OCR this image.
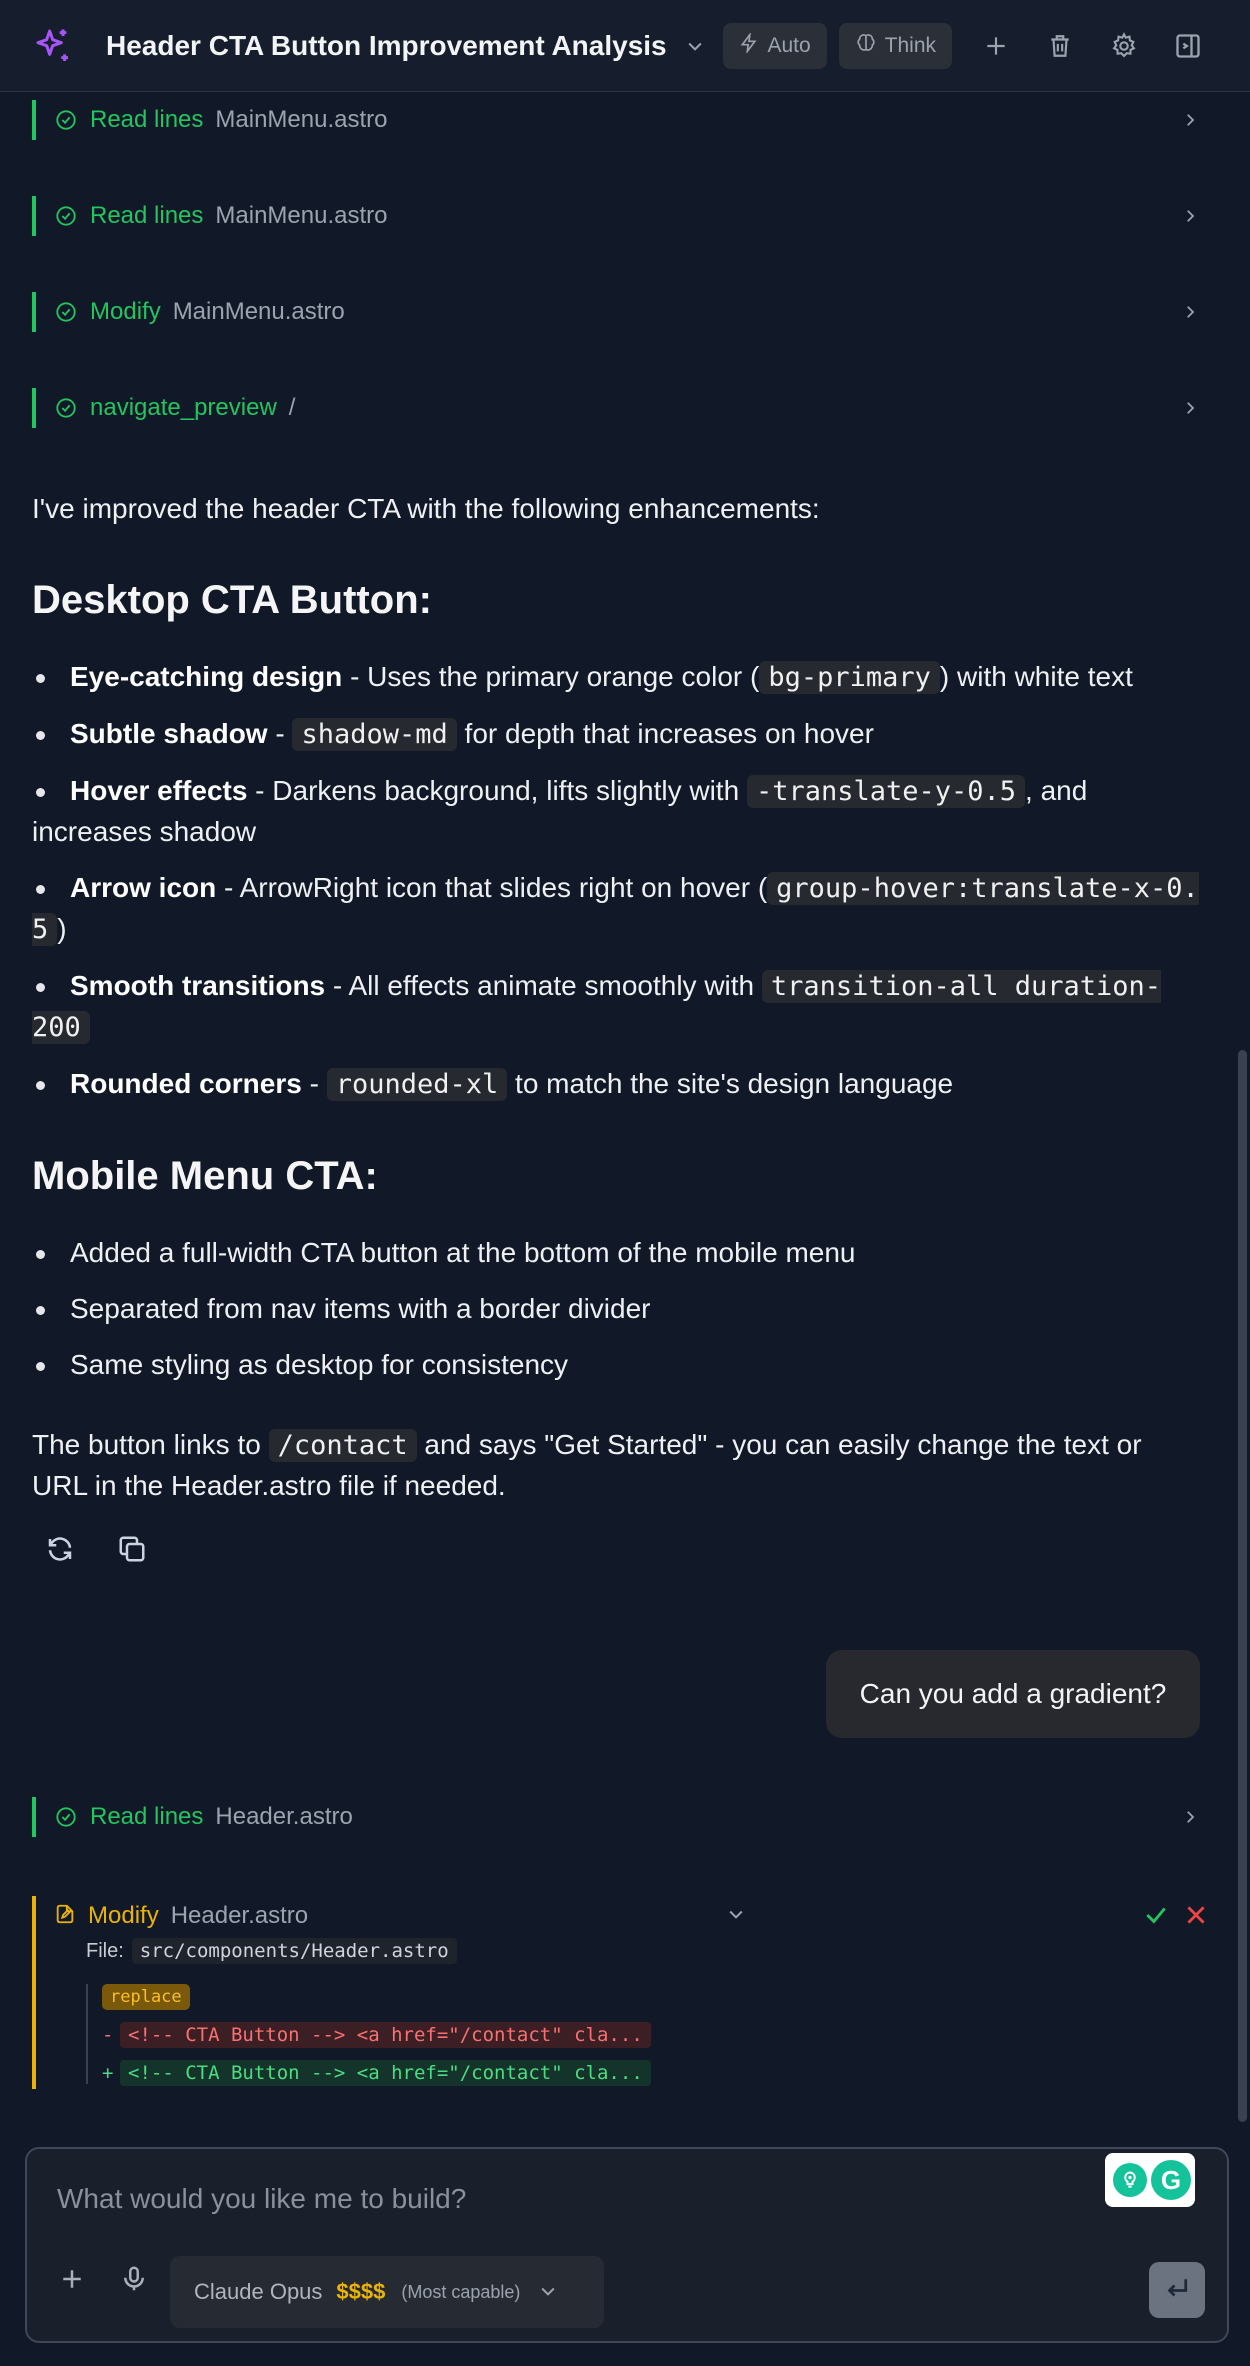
Header CTA Button Improvement Analysis	Auto	Think
Read lines MainMenu.astro
Read lines MainMenu.astro
Modify MainMenu.astro
navigate_preview /
I've improved the header CTA with the following enhancements:
Desktop CTA Button:
Eye-catching design - Uses the primary orange color ( bg-primary ) with white text
Subtle shadow - shadow-md for depth that increases on hover
Hover effects - Darkens background, lifts slightly with -translate-y-0.5 , and increases shadow
Arrow icon - ArrowRight icon that slides right on hover ( group-hover:translate-x-0.5 )
Smooth transitions - All effects animate smoothly with transition-all duration-200
Rounded corners - rounded-xl to match the site's design language
Mobile Menu CTA:
Added a full-width CTA button at the bottom of the mobile menu
Separated from nav items with a border divider
Same styling as desktop for consistency
The button links to /contact and says "Get Started" - you can easily change the text or URL in the Header.astro file if needed.
Can you add a gradient?
Read lines Header.astro
Modify Header.astro
File: src/components/Header.astro
replace
- <!-- CTA Button --> <a href="/contact" cla...
+ <!-- CTA Button --> <a href="/contact" cla...
What would you like me to build?
G
Claude Opus $$$$ (Most capable)
